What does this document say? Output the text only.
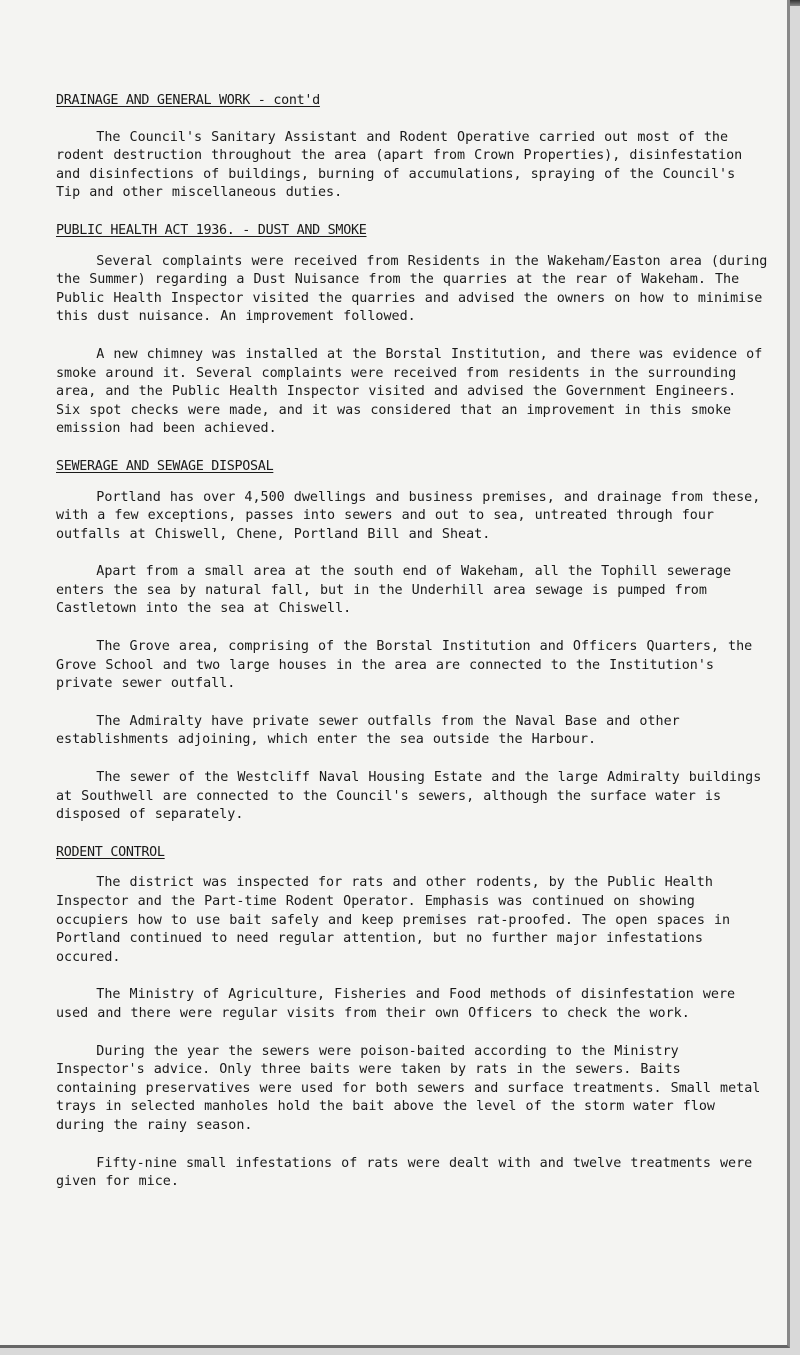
DRAINAGE AND GENERAL WORK - cont'd

The Council's Sanitary Assistant and Rodent Operative carried out most of the rodent destruction throughout the area (apart from Crown Properties), disinfestation and disinfections of buildings, burning of accumulations, spraying of the Council's Tip and other miscellaneous duties.

PUBLIC HEALTH ACT 1936. - DUST AND SMOKE

Several complaints were received from Residents in the Wakeham/Easton area (during the Summer) regarding a Dust Nuisance from the quarries at the rear of Wakeham. The Public Health Inspector visited the quarries and advised the owners on how to minimise this dust nuisance. An improvement followed.

A new chimney was installed at the Borstal Institution, and there was evidence of smoke around it. Several complaints were received from residents in the surrounding area, and the Public Health Inspector visited and advised the Government Engineers. Six spot checks were made, and it was considered that an improvement in this smoke emission had been achieved.

SEWERAGE AND SEWAGE DISPOSAL

Portland has over 4,500 dwellings and business premises, and drainage from these, with a few exceptions, passes into sewers and out to sea, untreated through four outfalls at Chiswell, Chene, Portland Bill and Sheat.

Apart from a small area at the south end of Wakeham, all the Tophill sewerage enters the sea by natural fall, but in the Underhill area sewage is pumped from Castletown into the sea at Chiswell.

The Grove area, comprising of the Borstal Institution and Officers Quarters, the Grove School and two large houses in the area are connected to the Institution's private sewer outfall.

The Admiralty have private sewer outfalls from the Naval Base and other establishments adjoining, which enter the sea outside the Harbour.

The sewer of the Westcliff Naval Housing Estate and the large Admiralty buildings at Southwell are connected to the Council's sewers, although the surface water is disposed of separately.

RODENT CONTROL

The district was inspected for rats and other rodents, by the Public Health Inspector and the Part-time Rodent Operator. Emphasis was continued on showing occupiers how to use bait safely and keep premises rat-proofed. The open spaces in Portland continued to need regular attention, but no further major infestations occured.

The Ministry of Agriculture, Fisheries and Food methods of disinfestation were used and there were regular visits from their own Officers to check the work.

During the year the sewers were poison-baited according to the Ministry Inspector's advice. Only three baits were taken by rats in the sewers. Baits containing preservatives were used for both sewers and surface treatments. Small metal trays in selected manholes hold the bait above the level of the storm water flow during the rainy season.

Fifty-nine small infestations of rats were dealt with and twelve treatments were given for mice.
